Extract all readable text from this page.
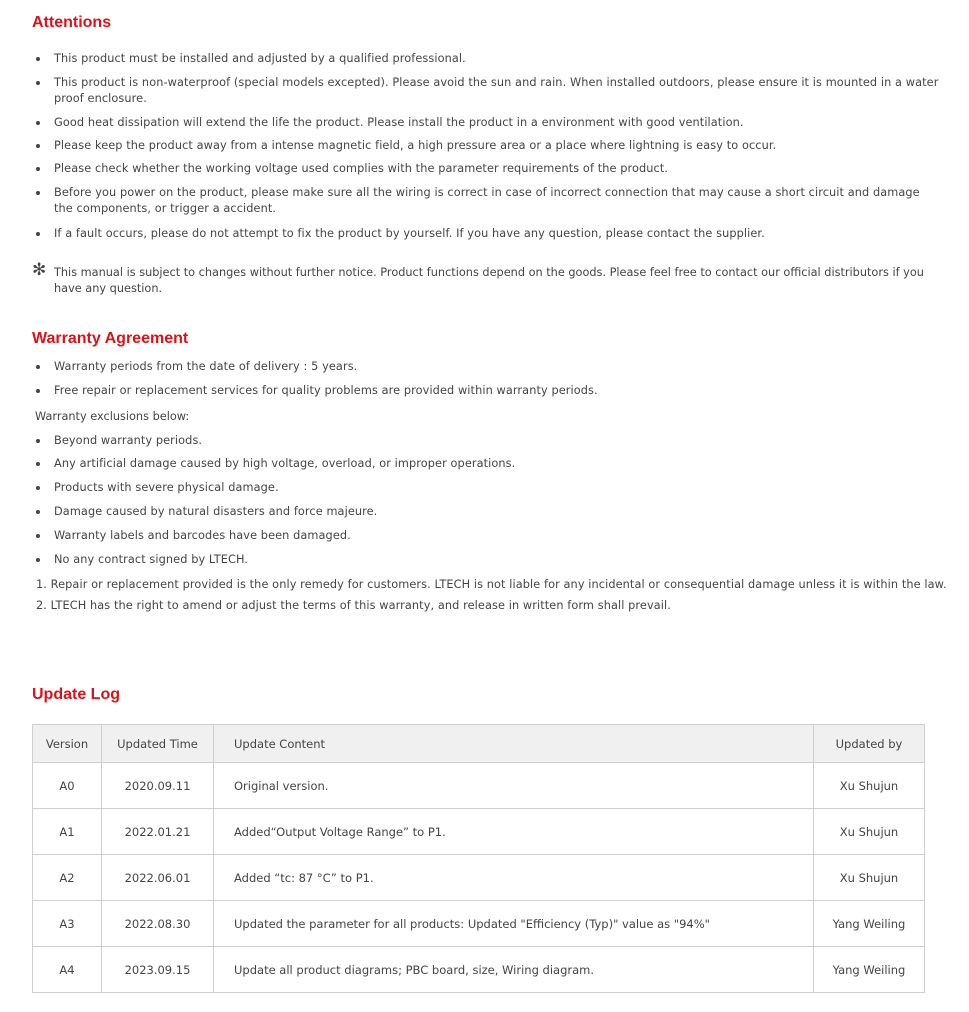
Attentions
This product must be installed and adjusted by a qualified professional.
This product is non-waterproof (special models excepted). Please avoid the sun and rain. When installed outdoors, please ensure it is mounted in a water proof enclosure.
Good heat dissipation will extend the life the product. Please install the product in a environment with good ventilation.
Please keep the product away from a intense magnetic field, a high pressure area or a place where lightning is easy to occur.
Please check whether the working voltage used complies with the parameter requirements of the product.
Before you power on the product, please make sure all the wiring is correct in case of incorrect connection that may cause a short circuit and damage the components, or trigger a accident.
If a fault occurs, please do not attempt to fix the product by yourself. If you have any question, please contact the supplier.
✻ This manual is subject to changes without further notice. Product functions depend on the goods. Please feel free to contact our official distributors if you have any question.
Warranty Agreement
Warranty periods from the date of delivery : 5 years.
Free repair or replacement services for quality problems are provided within warranty periods.
Warranty exclusions below:
Beyond warranty periods.
Any artificial damage caused by high voltage, overload, or improper operations.
Products with severe physical damage.
Damage caused by natural disasters and force majeure.
Warranty labels and barcodes have been damaged.
No any contract signed by LTECH.
1. Repair or replacement provided is the only remedy for customers. LTECH is not liable for any incidental or consequential damage unless it is within the law.
2. LTECH has the right to amend or adjust the terms of this warranty, and release in written form shall prevail.
Update Log
Version	Updated Time	Update Content	Updated by
A0	2020.09.11	Original version.	Xu Shujun
A1	2022.01.21	Added“Output Voltage Range” to P1.	Xu Shujun
A2	2022.06.01	Added “tc: 87 °C” to P1.	Xu Shujun
A3	2022.08.30	Updated the parameter for all products: Updated "Efficiency (Typ)" value as "94%"	Yang Weiling
A4	2023.09.15	Update all product diagrams; PBC board, size, Wiring diagram.	Yang Weiling
